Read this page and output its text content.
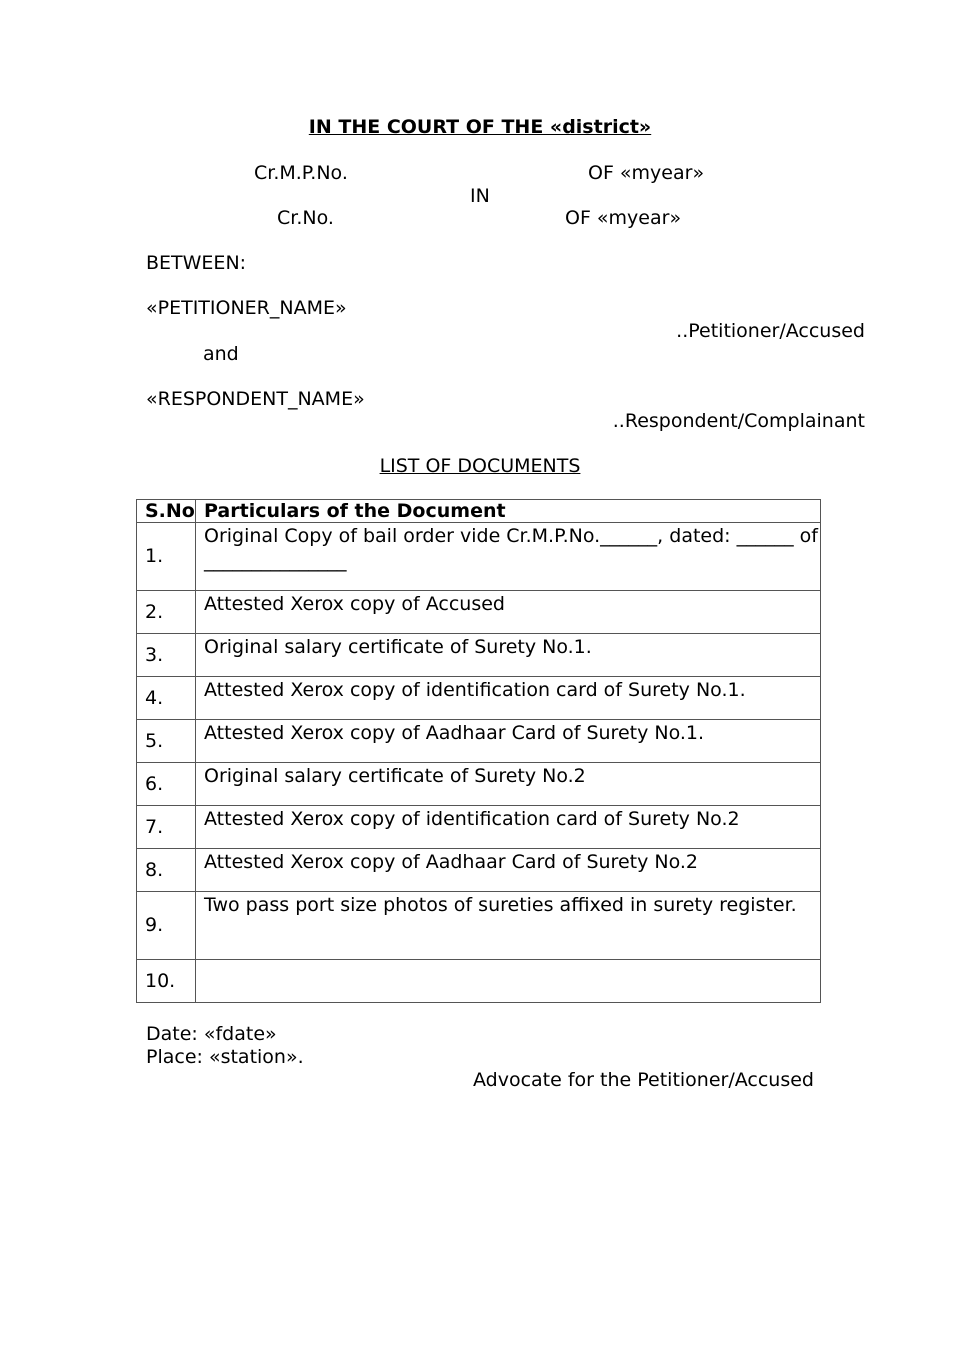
IN THE COURT OF THE «district»
Cr.M.P.No.	OF «myear»
IN
Cr.No.	OF «myear»
BETWEEN:
«PETITIONER_NAME»
..Petitioner/Accused
and
«RESPONDENT_NAME»
..Respondent/Complainant
LIST OF DOCUMENTS
S.No	Particulars of the Document
1.	Original Copy of bail order vide Cr.M.P.No.______, dated: ______ of _______________
2.	Attested Xerox copy of Accused
3.	Original salary certificate of Surety No.1.
4.	Attested Xerox copy of identification card of Surety No.1.
5.	Attested Xerox copy of Aadhaar Card of Surety No.1.
6.	Original salary certificate of Surety No.2
7.	Attested Xerox copy of identification card of Surety No.2
8.	Attested Xerox copy of Aadhaar Card of Surety No.2
9.	Two pass port size photos of sureties affixed in surety register.
10.	
Date: «fdate»
Place: «station».
Advocate for the Petitioner/Accused
